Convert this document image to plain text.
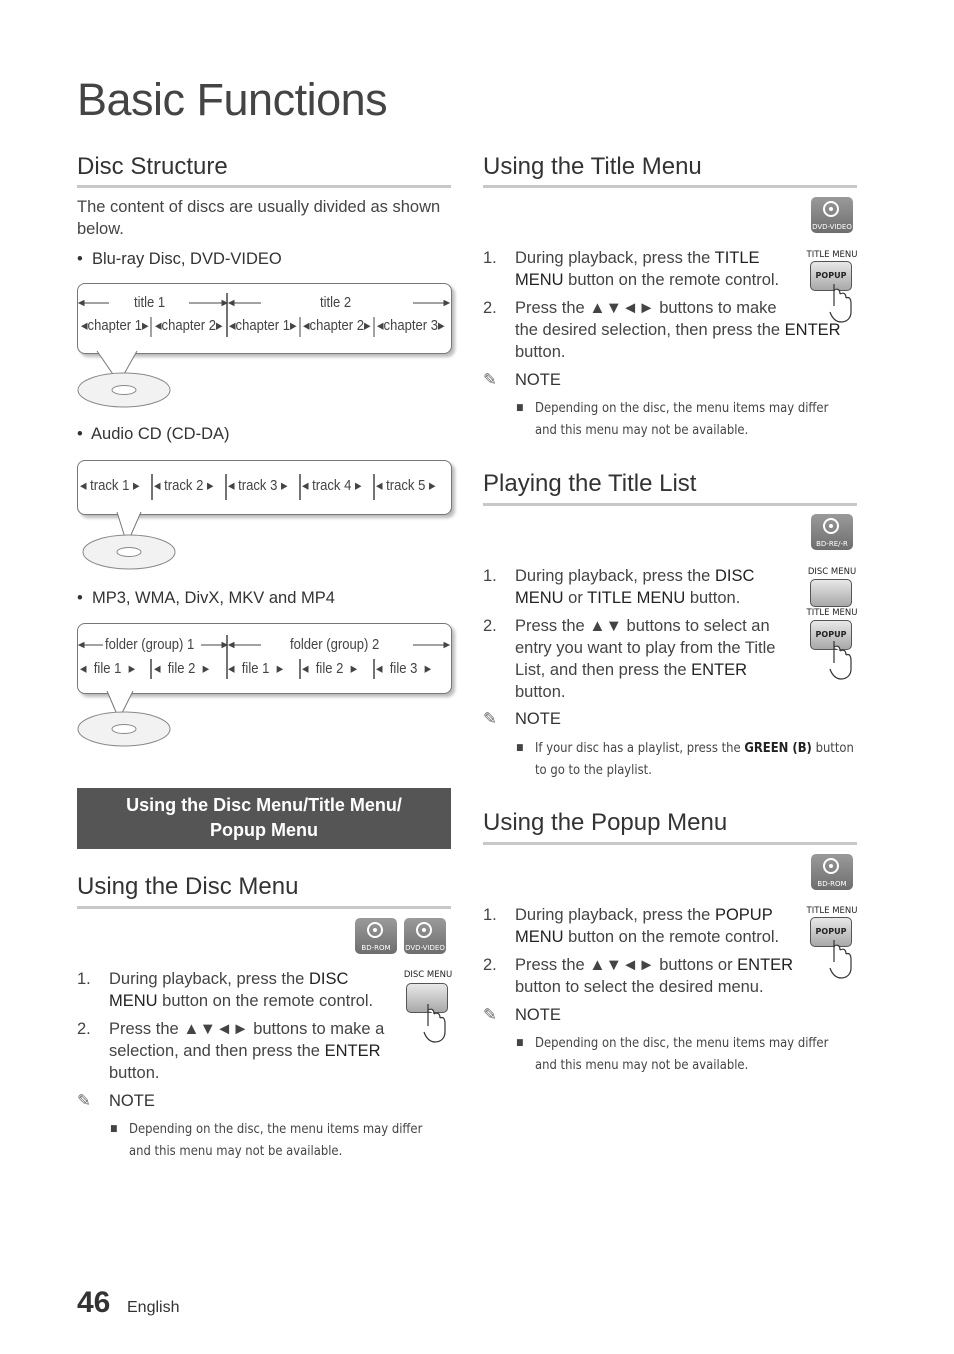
Basic Functions
Disc Structure
The content of discs are usually divided as shown below.
•  Blu-ray Disc, DVD-VIDEO
title 1	title 2
◂chapter 1▸ ◂chapter 2▸ ◂chapter 1▸ ◂chapter 2▸ ◂chapter 3▸
•  Audio CD (CD-DA)
◂ track 1 ▸ ◂ track 2 ▸ ◂ track 3 ▸ ◂ track 4 ▸ ◂ track 5 ▸
•  MP3, WMA, DivX, MKV and MP4
folder (group) 1	folder (group) 2
◂  file 1  ▸ ◂  file 2  ▸ ◂  file 1  ▸ ◂  file 2  ▸ ◂  file 3  ▸
Using the Disc Menu/Title Menu/ Popup Menu
Using the Disc Menu
BD-ROM	DVD-VIDEO
DISC MENU
1. During playback, press the DISC
MENU button on the remote control.
2. Press the ▲▼◄► buttons to make a selection, and then press the ENTER
button.
✎ NOTE
■ Depending on the disc, the menu items may differ and this menu may not be available.
Using the Title Menu
DVD-VIDEO
TITLE MENU
POPUP
1. During playback, press the TITLE
MENU button on the remote control.
2. Press the ▲▼◄► buttons to make
the desired selection, then press the ENTER
button.
✎ NOTE
■ Depending on the disc, the menu items may differ and this menu may not be available.
Playing the Title List
BD-RE/-R
DISC MENU
TITLE MENU
POPUP
1. During playback, press the DISC
MENU or TITLE MENU button.
2. Press the ▲▼ buttons to select an
entry you want to play from the Title
List, and then press the ENTER
button.
✎ NOTE
■ If your disc has a playlist, press the GREEN (B) button
to go to the playlist.
Using the Popup Menu
BD-ROM
TITLE MENU
POPUP
1. During playback, press the POPUP
MENU button on the remote control.
2. Press the ▲▼◄► buttons or ENTER
button to select the desired menu.
✎ NOTE
■ Depending on the disc, the menu items may differ and this menu may not be available.
46 English
